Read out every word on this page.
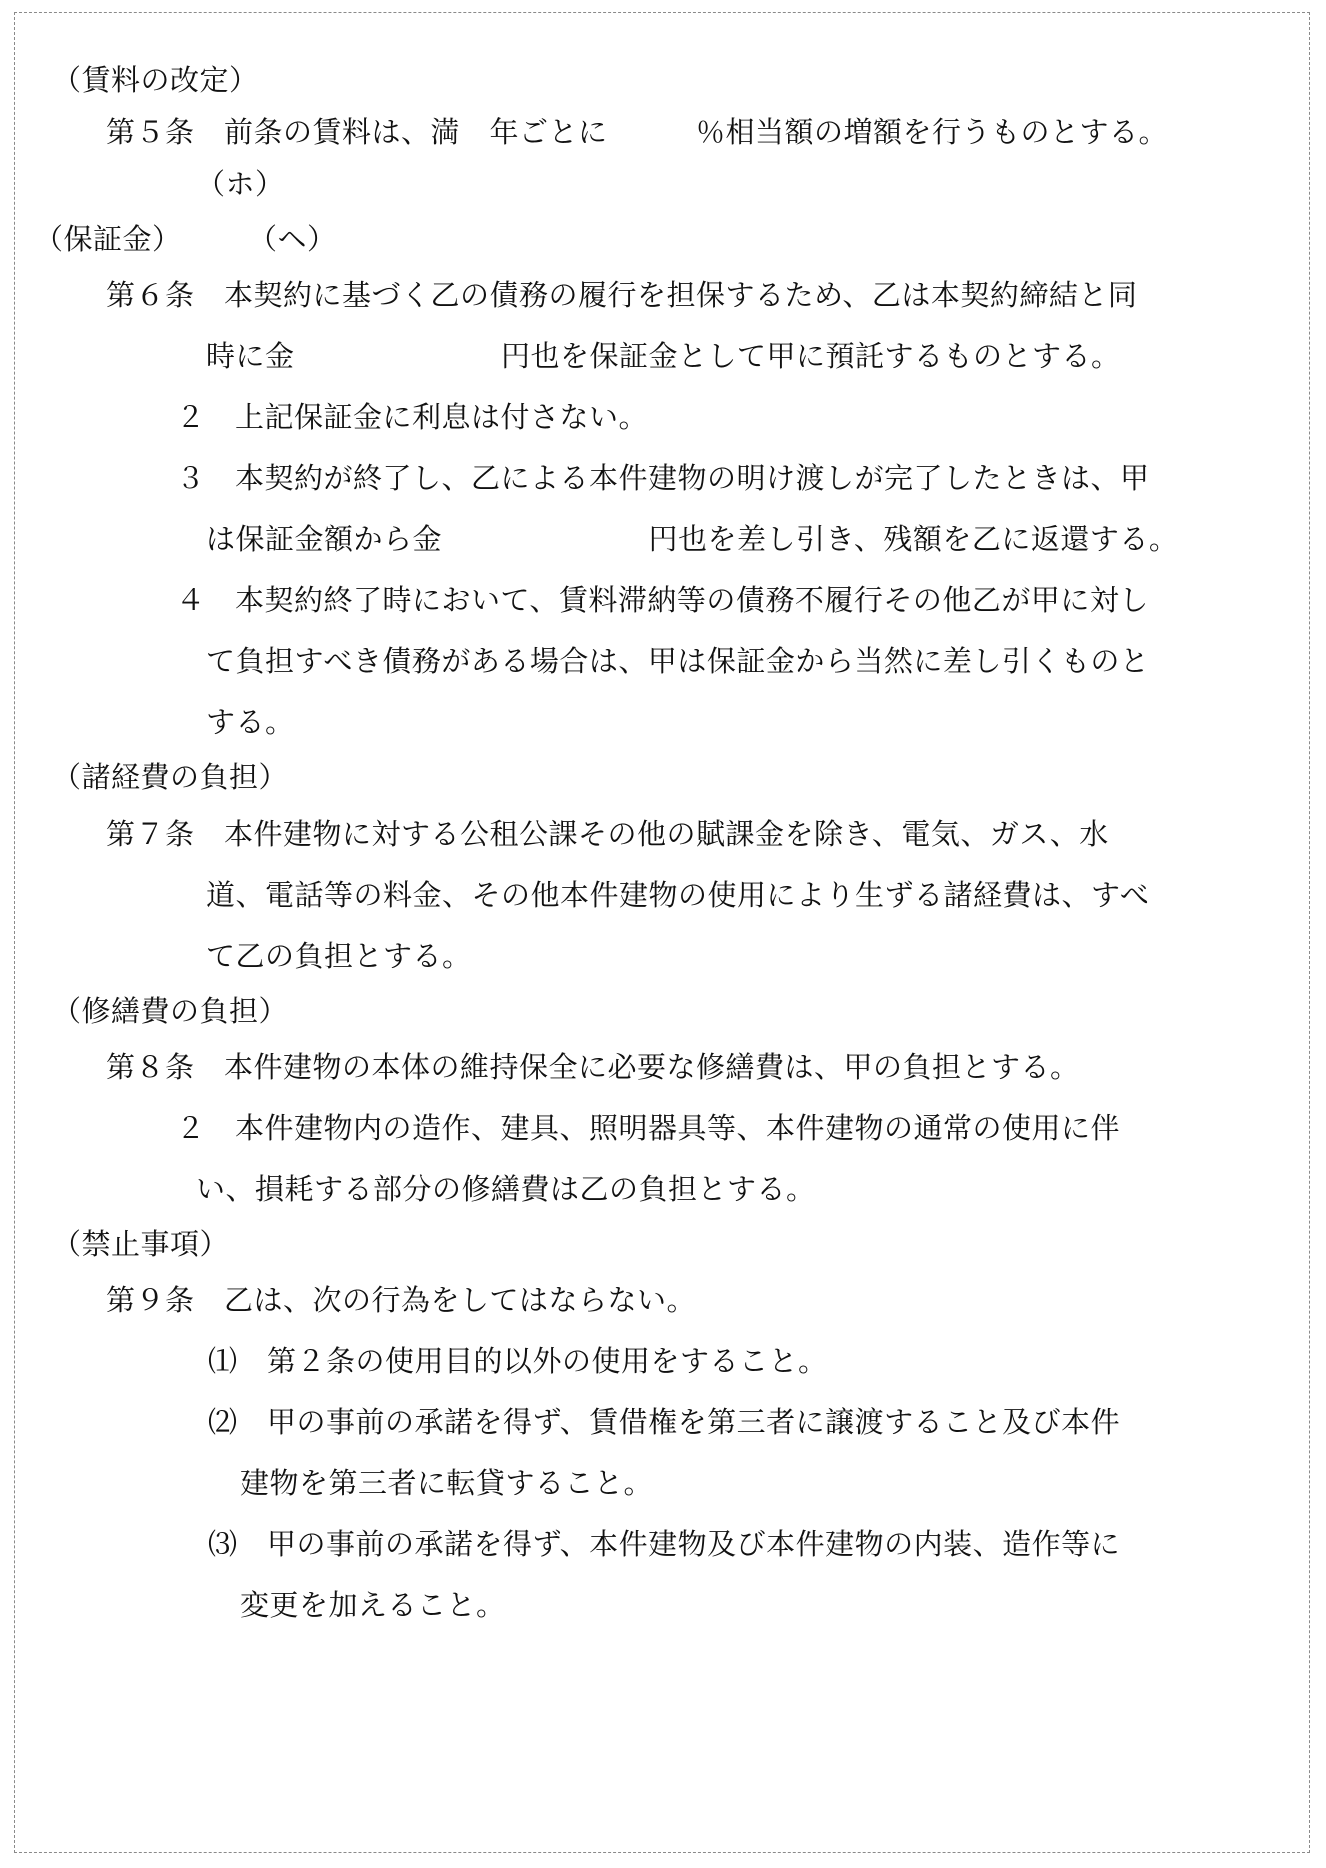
（賃料の改定）
第５条　前条の賃料は、満　年ごとに　　　％相当額の増額を行うものとする。
（ホ）
（保証金） （ヘ）
第６条　本契約に基づく乙の債務の履行を担保するため、乙は本契約締結と同
時に金　　　　　　　円也を保証金として甲に預託するものとする。
２　上記保証金に利息は付さない。
３　本契約が終了し、乙による本件建物の明け渡しが完了したときは、甲
は保証金額から金　　　　　　　円也を差し引き、残額を乙に返還する。
４　本契約終了時において、賃料滞納等の債務不履行その他乙が甲に対し
て負担すべき債務がある場合は、甲は保証金から当然に差し引くものと
する。
（諸経費の負担）
第７条　本件建物に対する公租公課その他の賦課金を除き、電気、ガス、水
道、電話等の料金、その他本件建物の使用により生ずる諸経費は、すべ
て乙の負担とする。
（修繕費の負担）
第８条　本件建物の本体の維持保全に必要な修繕費は、甲の負担とする。
２　本件建物内の造作、建具、照明器具等、本件建物の通常の使用に伴
い、損耗する部分の修繕費は乙の負担とする。
（禁止事項）
第９条　乙は、次の行為をしてはならない。
⑴　第２条の使用目的以外の使用をすること。
⑵　甲の事前の承諾を得ず、賃借権を第三者に譲渡すること及び本件
建物を第三者に転貸すること。
⑶　甲の事前の承諾を得ず、本件建物及び本件建物の内装、造作等に
変更を加えること。
